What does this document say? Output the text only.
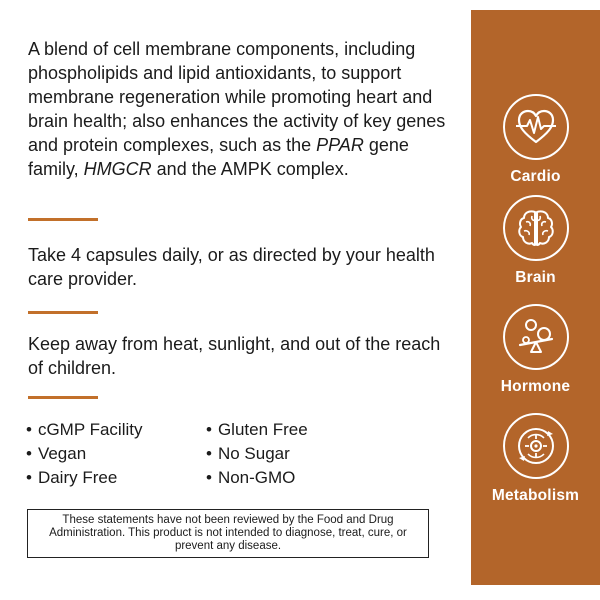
A blend of cell membrane components, including phospholipids and lipid antioxidants, to support membrane regeneration while promoting heart and brain health; also enhances the activity of key genes and protein complexes, such as the PPAR gene family, HMGCR and the AMPK complex.

Take 4 capsules daily, or as directed by your health care provider.

Keep away from heat, sunlight, and out of the reach of children.

• cGMP Facility	• Gluten Free
• Vegan	• No Sugar
• Dairy Free	• Non-GMO
These statements have not been reviewed by the Food and Drug Administration. This product is not intended to diagnose, treat, cure, or prevent any disease.
Cardio
Brain
Hormone
Metabolism
